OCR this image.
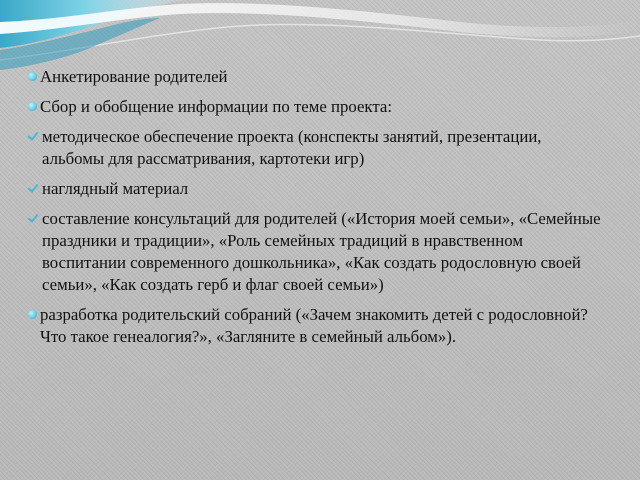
Анкетирование родителей
Сбор и обобщение информации по теме проекта:
методическое обеспечение проекта (конспекты занятий, презентации, альбомы для рассматривания, картотеки игр)
наглядный материал
составление консультаций для родителей («История моей семьи», «Семейные праздники и традиции», «Роль семейных традиций в нравственном воспитании современного дошкольника», «Как создать родословную своей семьи», «Как создать герб и флаг своей семьи»)
разработка родительский собраний («Зачем знакомить детей с родословной? Что такое генеалогия?», «Загляните в семейный альбом»).
